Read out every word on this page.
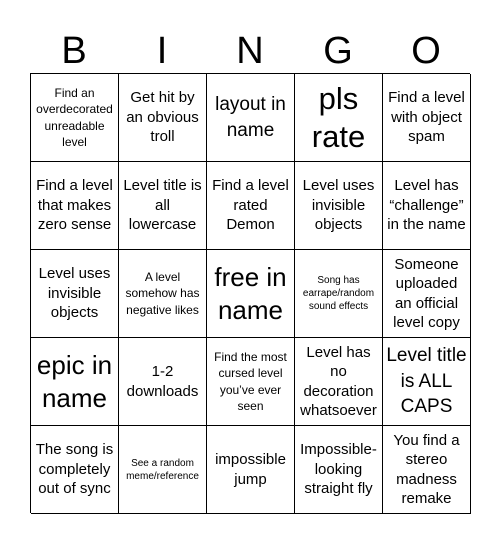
B	I	N	G	O
Find an overdecorated unreadable level
Get hit by an obvious troll
layout in name
pls rate
Find a level with object spam
Find a level that makes zero sense
Level title is all lowercase
Find a level rated Demon
Level uses invisible objects
Level has “challenge” in the name
Level uses invisible objects
A level somehow has negative likes
free in name
Song has earrape/random sound effects
Someone uploaded an official level copy
epic in name
1-2 downloads
Find the most cursed level you’ve ever seen
Level has no decoration whatsoever
Level title is ALL CAPS
The song is completely out of sync
See a random meme/reference
impossible jump
Impossible-looking straight fly
You find a stereo madness remake
